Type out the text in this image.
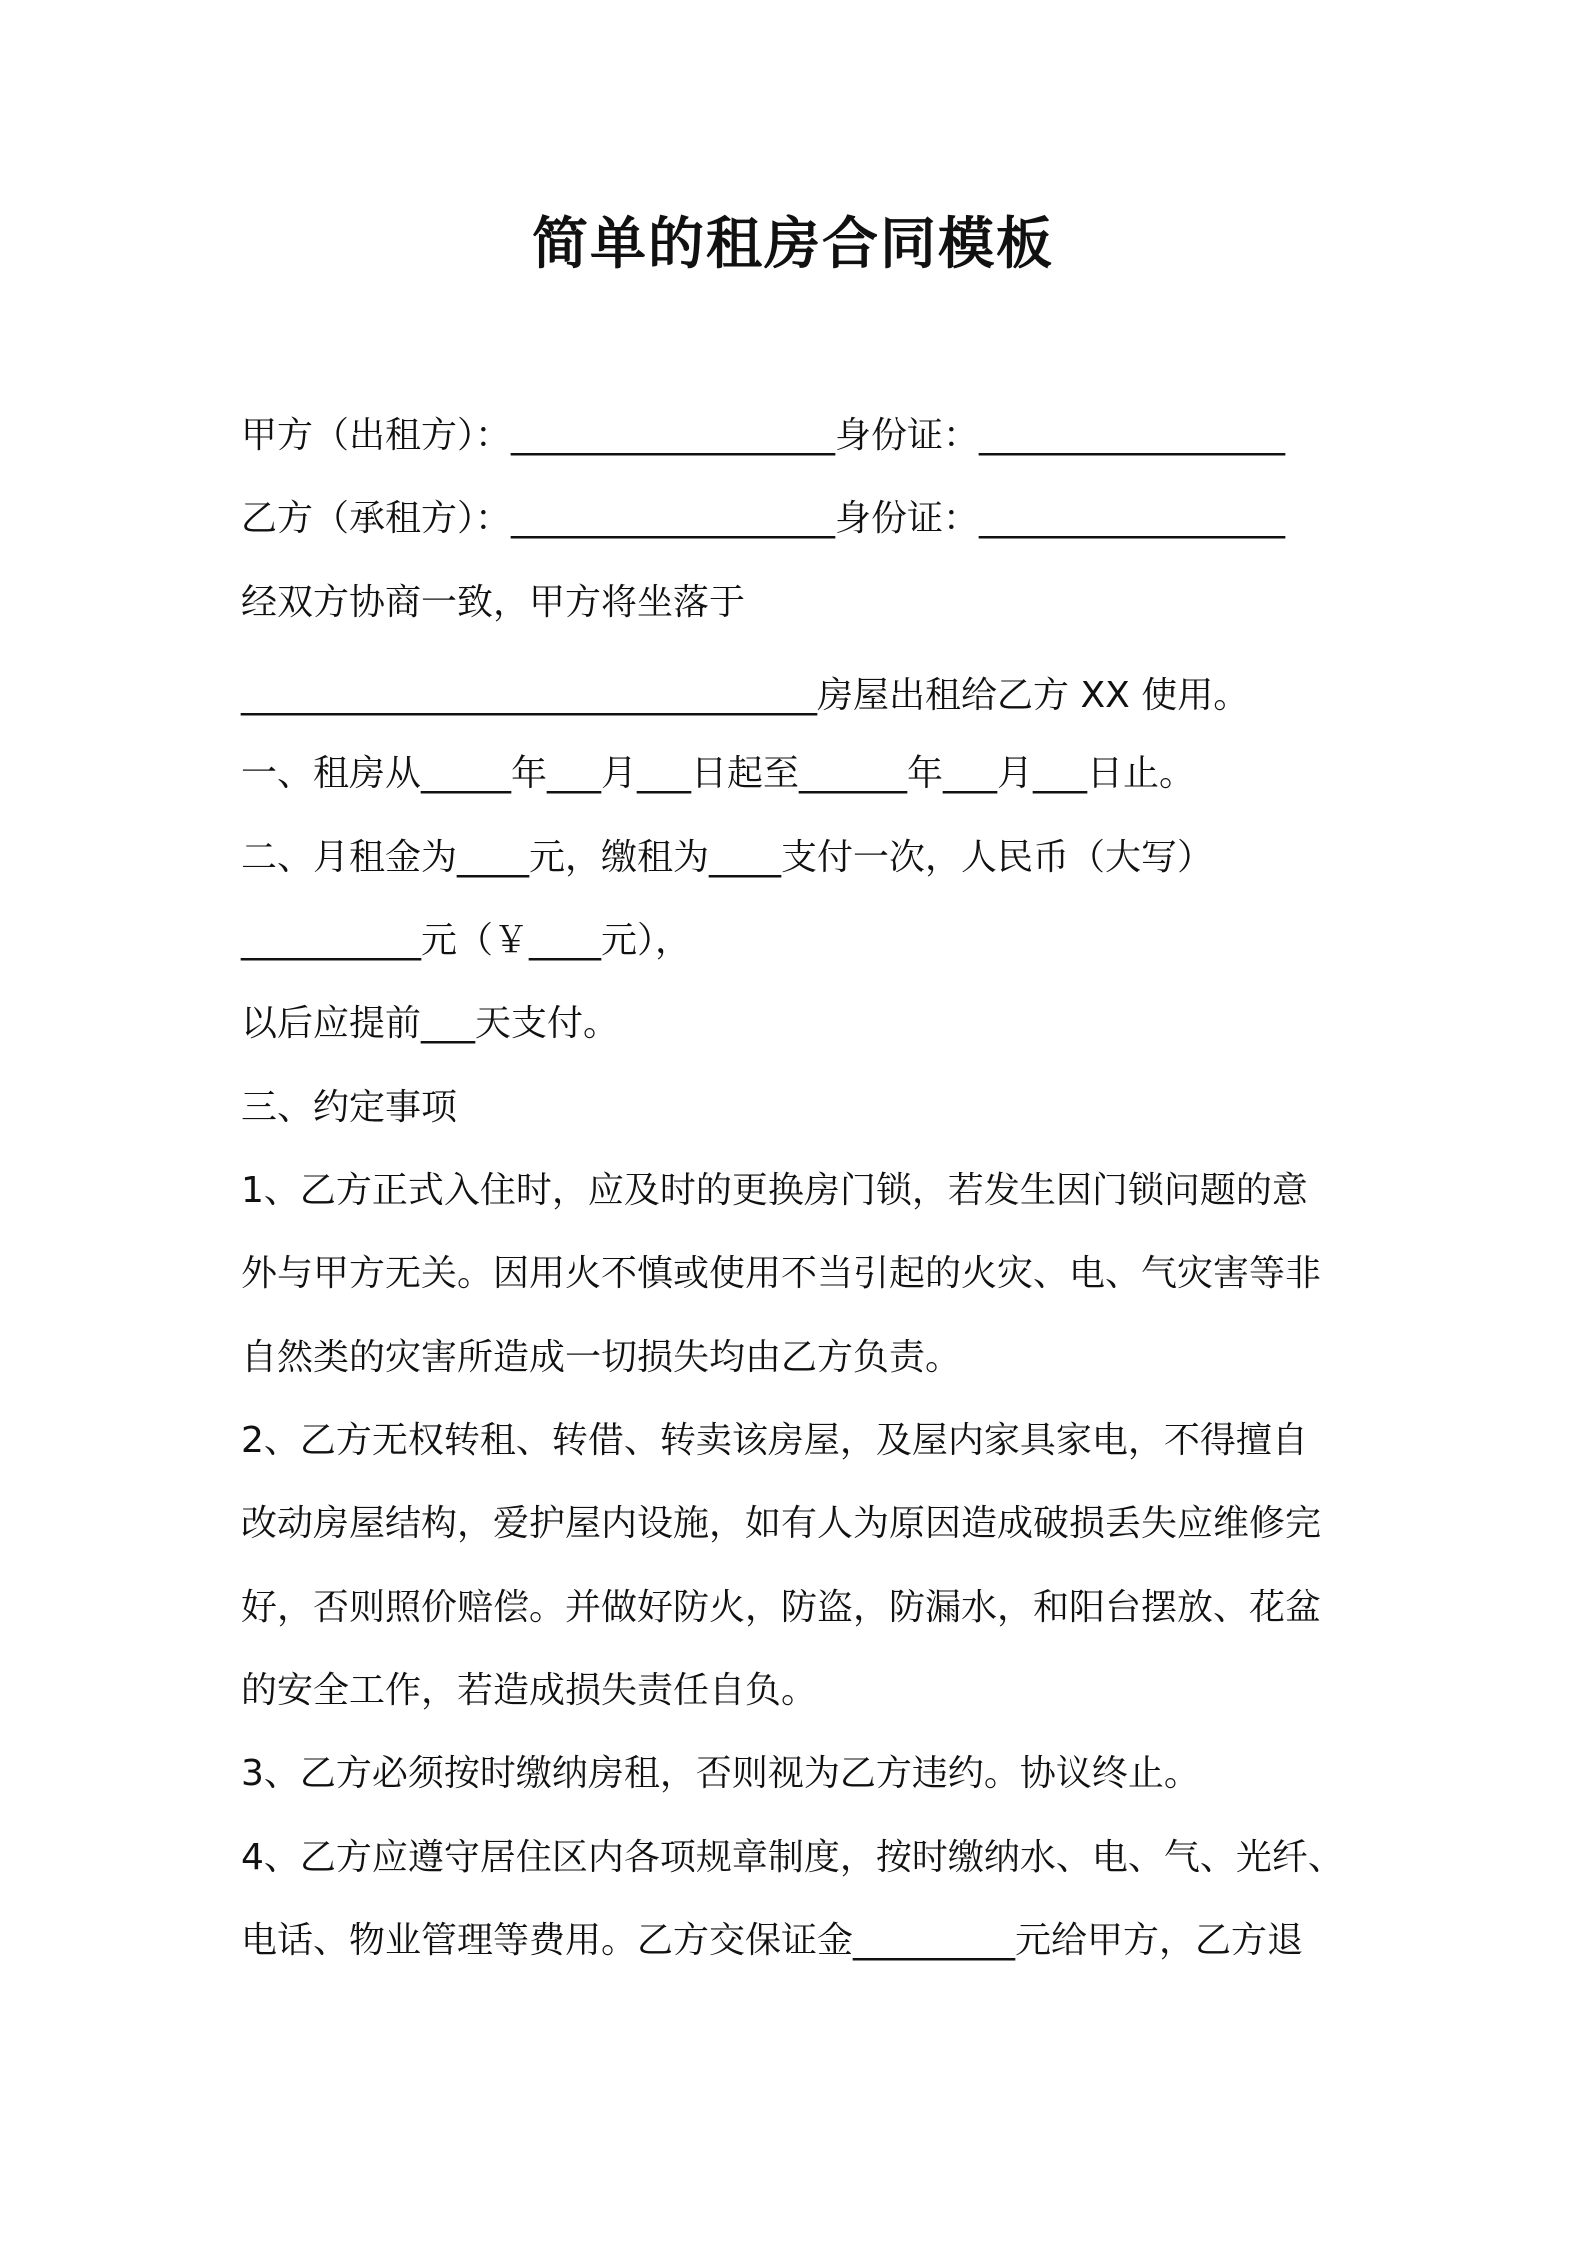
简单的租房合同模板

甲方（出租方）：__________________身份证：_________________

乙方（承租方）：__________________身份证：_________________

经双方协商一致，甲方将坐落于

________________________________房屋出租给乙方 XX 使用。

一、租房从_____年___月___日起至______年___月___日止。

二、月租金为____元，缴租为____支付一次，人民币（大写）

__________元（￥____元），

以后应提前___天支付。

三、约定事项

1、乙方正式入住时，应及时的更换房门锁，若发生因门锁问题的意

外与甲方无关。因用火不慎或使用不当引起的火灾、电、气灾害等非

自然类的灾害所造成一切损失均由乙方负责。

2、乙方无权转租、转借、转卖该房屋，及屋内家具家电，不得擅自

改动房屋结构，爱护屋内设施，如有人为原因造成破损丢失应维修完

好，否则照价赔偿。并做好防火，防盗，防漏水，和阳台摆放、花盆

的安全工作，若造成损失责任自负。

3、乙方必须按时缴纳房租，否则视为乙方违约。协议终止。

4、乙方应遵守居住区内各项规章制度，按时缴纳水、电、气、光纤、

电话、物业管理等费用。乙方交保证金_________元给甲方，乙方退
